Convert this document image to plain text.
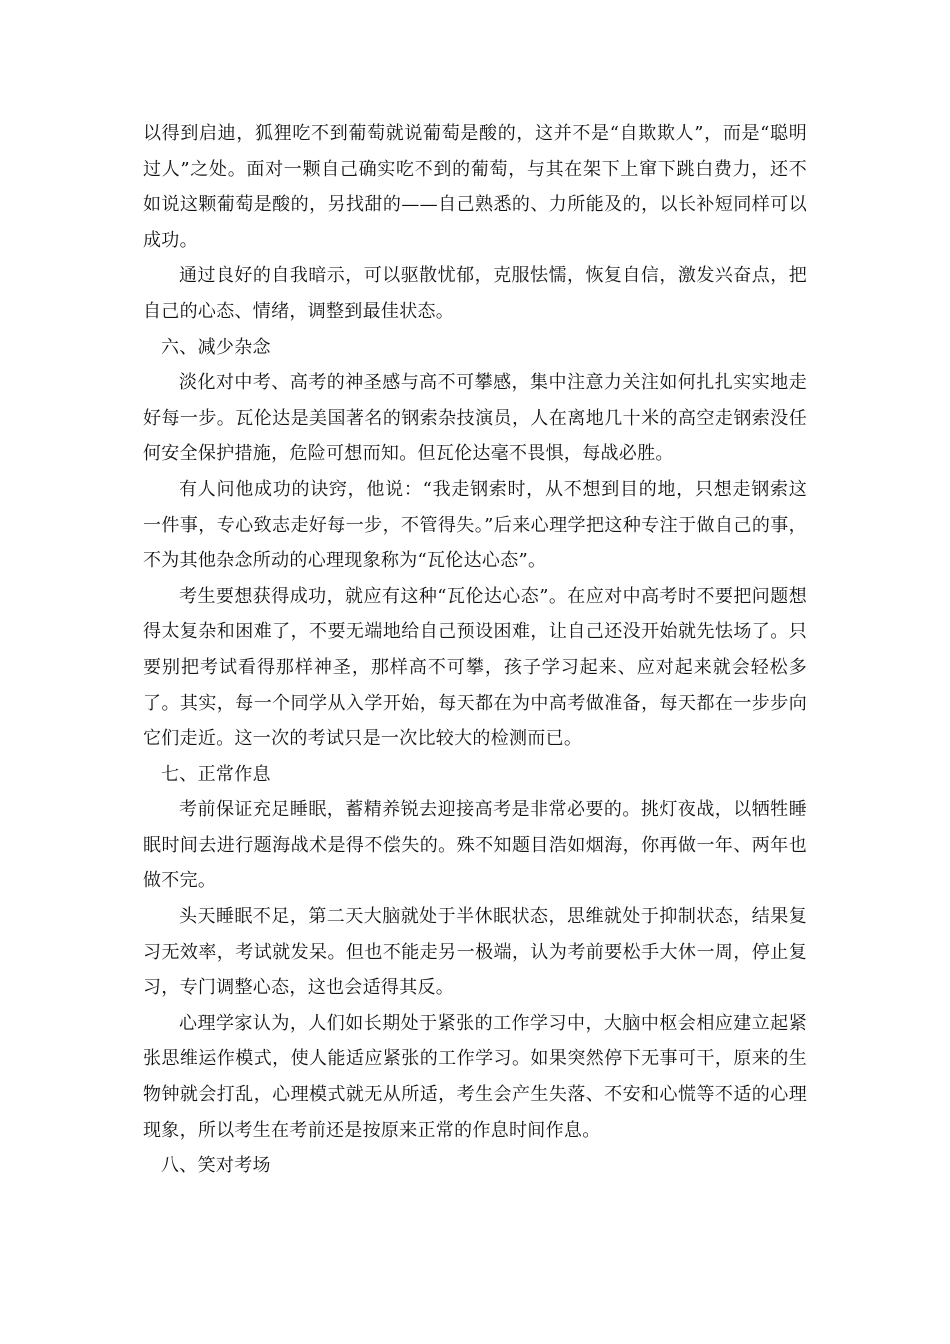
以得到启迪，狐狸吃不到葡萄就说葡萄是酸的，这并不是“自欺欺人”，而是“聪明过人”之处。面对一颗自己确实吃不到的葡萄，与其在架下上窜下跳白费力，还不如说这颗葡萄是酸的，另找甜的——自己熟悉的、力所能及的，以长补短同样可以成功。

通过良好的自我暗示，可以驱散忧郁，克服怯懦，恢复自信，激发兴奋点，把自己的心态、情绪，调整到最佳状态。

六、减少杂念

淡化对中考、高考的神圣感与高不可攀感，集中注意力关注如何扎扎实实地走好每一步。瓦伦达是美国著名的钢索杂技演员，人在离地几十米的高空走钢索没任何安全保护措施，危险可想而知。但瓦伦达毫不畏惧，每战必胜。

有人问他成功的诀窍，他说：“我走钢索时，从不想到目的地，只想走钢索这一件事，专心致志走好每一步，不管得失。”后来心理学把这种专注于做自己的事，不为其他杂念所动的心理现象称为“瓦伦达心态”。

考生要想获得成功，就应有这种“瓦伦达心态”。在应对中高考时不要把问题想得太复杂和困难了，不要无端地给自己预设困难，让自己还没开始就先怯场了。只要别把考试看得那样神圣，那样高不可攀，孩子学习起来、应对起来就会轻松多了。其实，每一个同学从入学开始，每天都在为中高考做准备，每天都在一步步向它们走近。这一次的考试只是一次比较大的检测而已。

七、正常作息

考前保证充足睡眠，蓄精养锐去迎接高考是非常必要的。挑灯夜战，以牺牲睡眠时间去进行题海战术是得不偿失的。殊不知题目浩如烟海，你再做一年、两年也做不完。

头天睡眠不足，第二天大脑就处于半休眠状态，思维就处于抑制状态，结果复习无效率，考试就发呆。但也不能走另一极端，认为考前要松手大休一周，停止复习，专门调整心态，这也会适得其反。

心理学家认为，人们如长期处于紧张的工作学习中，大脑中枢会相应建立起紧张思维运作模式，使人能适应紧张的工作学习。如果突然停下无事可干，原来的生物钟就会打乱，心理模式就无从所适，考生会产生失落、不安和心慌等不适的心理现象，所以考生在考前还是按原来正常的作息时间作息。

八、笑对考场
